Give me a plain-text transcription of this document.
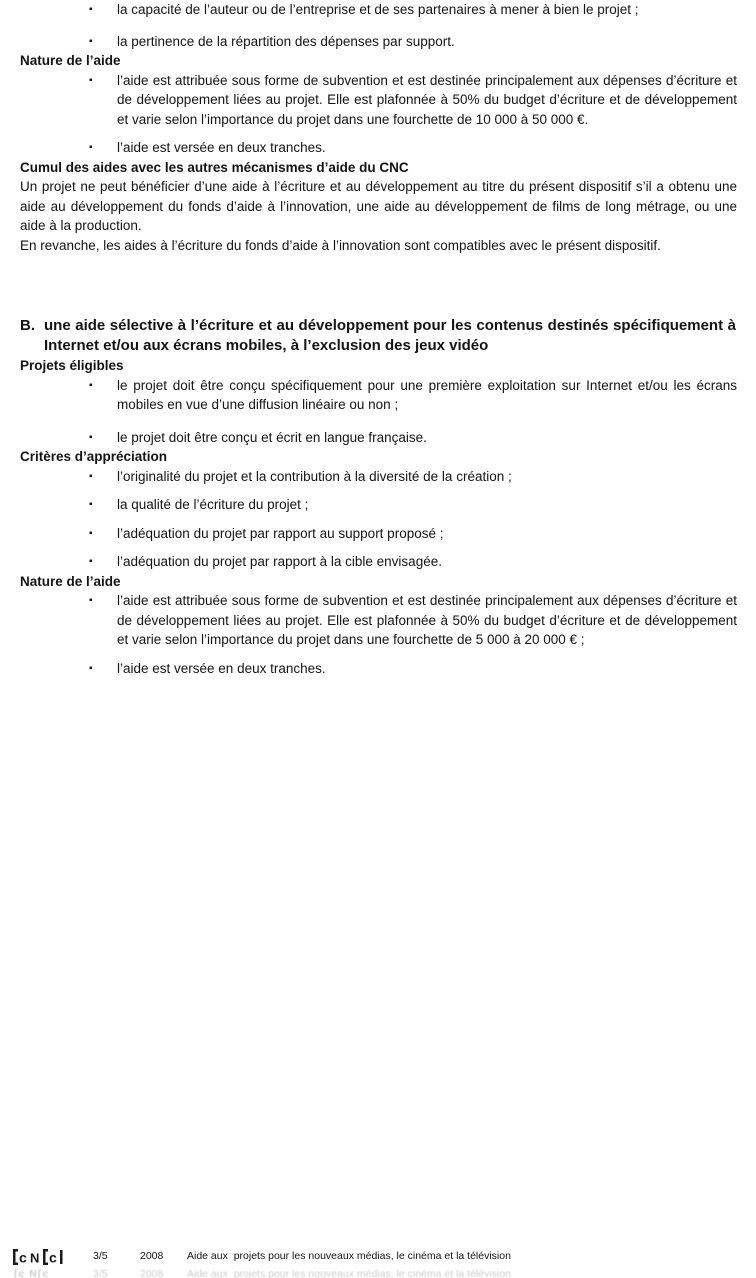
▪ la capacité de l’auteur ou de l’entreprise et de ses partenaires à mener à bien le projet ;
▪ la pertinence de la répartition des dépenses par support.
Nature de l’aide
▪ l’aide est attribuée sous forme de subvention et est destinée principalement aux dépenses d’écriture et de développement liées au projet. Elle est plafonnée à 50% du budget d’écriture et de développement et varie selon l’importance du projet dans une fourchette de 10 000 à 50 000 €.
▪ l’aide est versée en deux tranches.
Cumul des aides avec les autres mécanismes d’aide du CNC

Un projet ne peut bénéficier d’une aide à l’écriture et au développement au titre du présent dispositif s’il a obtenu une aide au développement du fonds d’aide à l’innovation, une aide au développement de films de long métrage, ou une aide à la production.

En revanche, les aides à l’écriture du fonds d’aide à l’innovation sont compatibles avec le présent dispositif.

B. une aide sélective à l’écriture et au développement pour les contenus destinés spécifiquement à Internet et/ou aux écrans mobiles, à l’exclusion des jeux vidéo
Projets éligibles
▪ le projet doit être conçu spécifiquement pour une première exploitation sur Internet et/ou les écrans mobiles en vue d’une diffusion linéaire ou non ;
▪ le projet doit être conçu et écrit en langue française.
Critères d’appréciation
▪ l’originalité du projet et la contribution à la diversité de la création ;
▪ la qualité de l’écriture du projet ;
▪ l’adéquation du projet par rapport au support proposé ;
▪ l’adéquation du projet par rapport à la cible envisagée.
Nature de l’aide
▪ l’aide est attribuée sous forme de subvention et est destinée principalement aux dépenses d’écriture et de développement liées au projet. Elle est plafonnée à 50% du budget d’écriture et de développement et varie selon l’importance du projet dans une fourchette de 5 000 à 20 000 € ;
▪ l’aide est versée en deux tranches.
c N c	3/5	2008 Aide aux  projets pour les nouveaux médias, le cinéma et la télévision
[c N[c	3/5	2008 Aide aux  projets pour les nouveaux médias, le cinéma et la télévision
